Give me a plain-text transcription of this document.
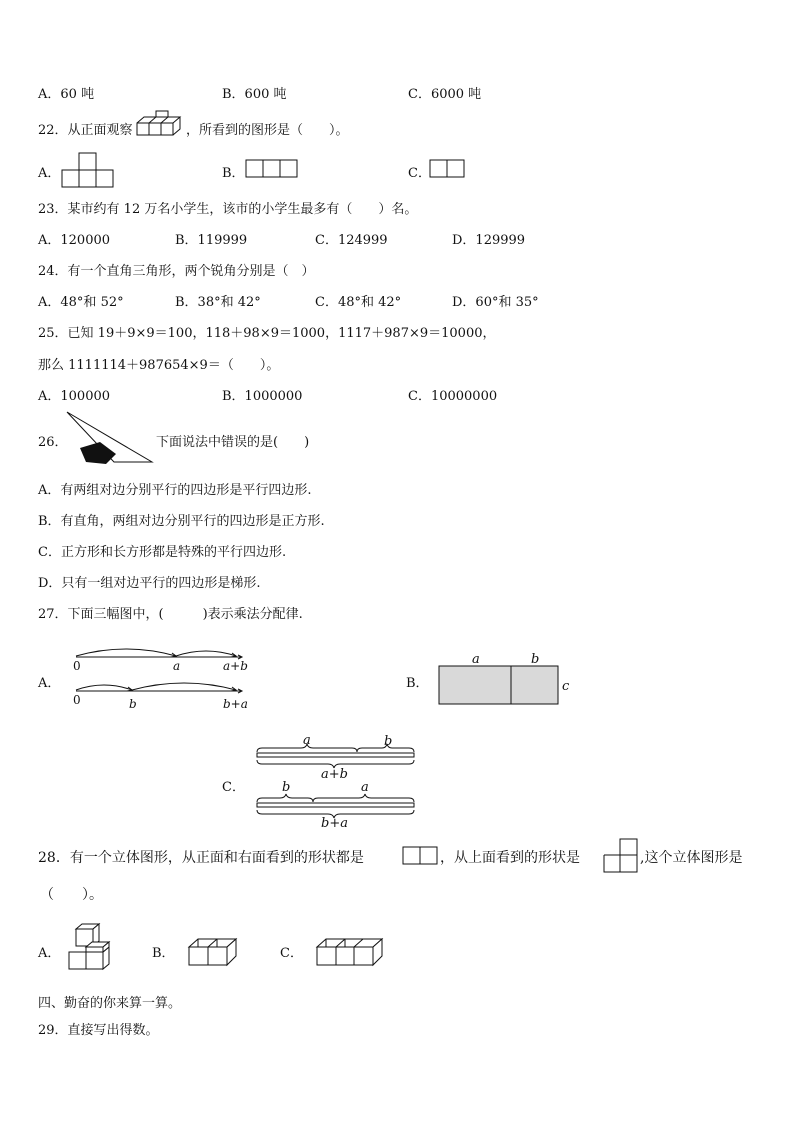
A．60 吨	B．600 吨	C．6000 吨
22．从正面观察	，所看到的图形是（　　）。
A．	B．	C．
23．某市约有 12 万名小学生，该市的小学生最多有（　　）名。
A．120000	B．119999	C．124999	D．129999
24．有一个直角三角形，两个锐角分别是（　）
A．48°和 52°	B．38°和 42°	C．48°和 42°	D．60°和 35°
25．已知 19＋9×9＝100，118＋98×9＝1000，1117＋987×9＝10000，
那么 1111114＋987654×9＝（　　）。
A．100000	B．1000000	C．10000000
26．	下面说法中错误的是(　　)
A．有两组对边分别平行的四边形是平行四边形.
B．有直角，两组对边分别平行的四边形是正方形.
C．正方形和长方形都是特殊的平行四边形.
D．只有一组对边平行的四边形是梯形.
27．下面三幅图中，(　　　)表示乘法分配律.
A．
0	a	a+b
0	b	b+a
B．
a	b
c
C．
a	b
a+b
b	a
b+a
28．有一个立体图形，从正面和右面看到的形状都是	，从上面看到的形状是	,这个立体图形是
（　　）。
A．	B．	C．
四、勤奋的你来算一算。
29．直接写出得数。
